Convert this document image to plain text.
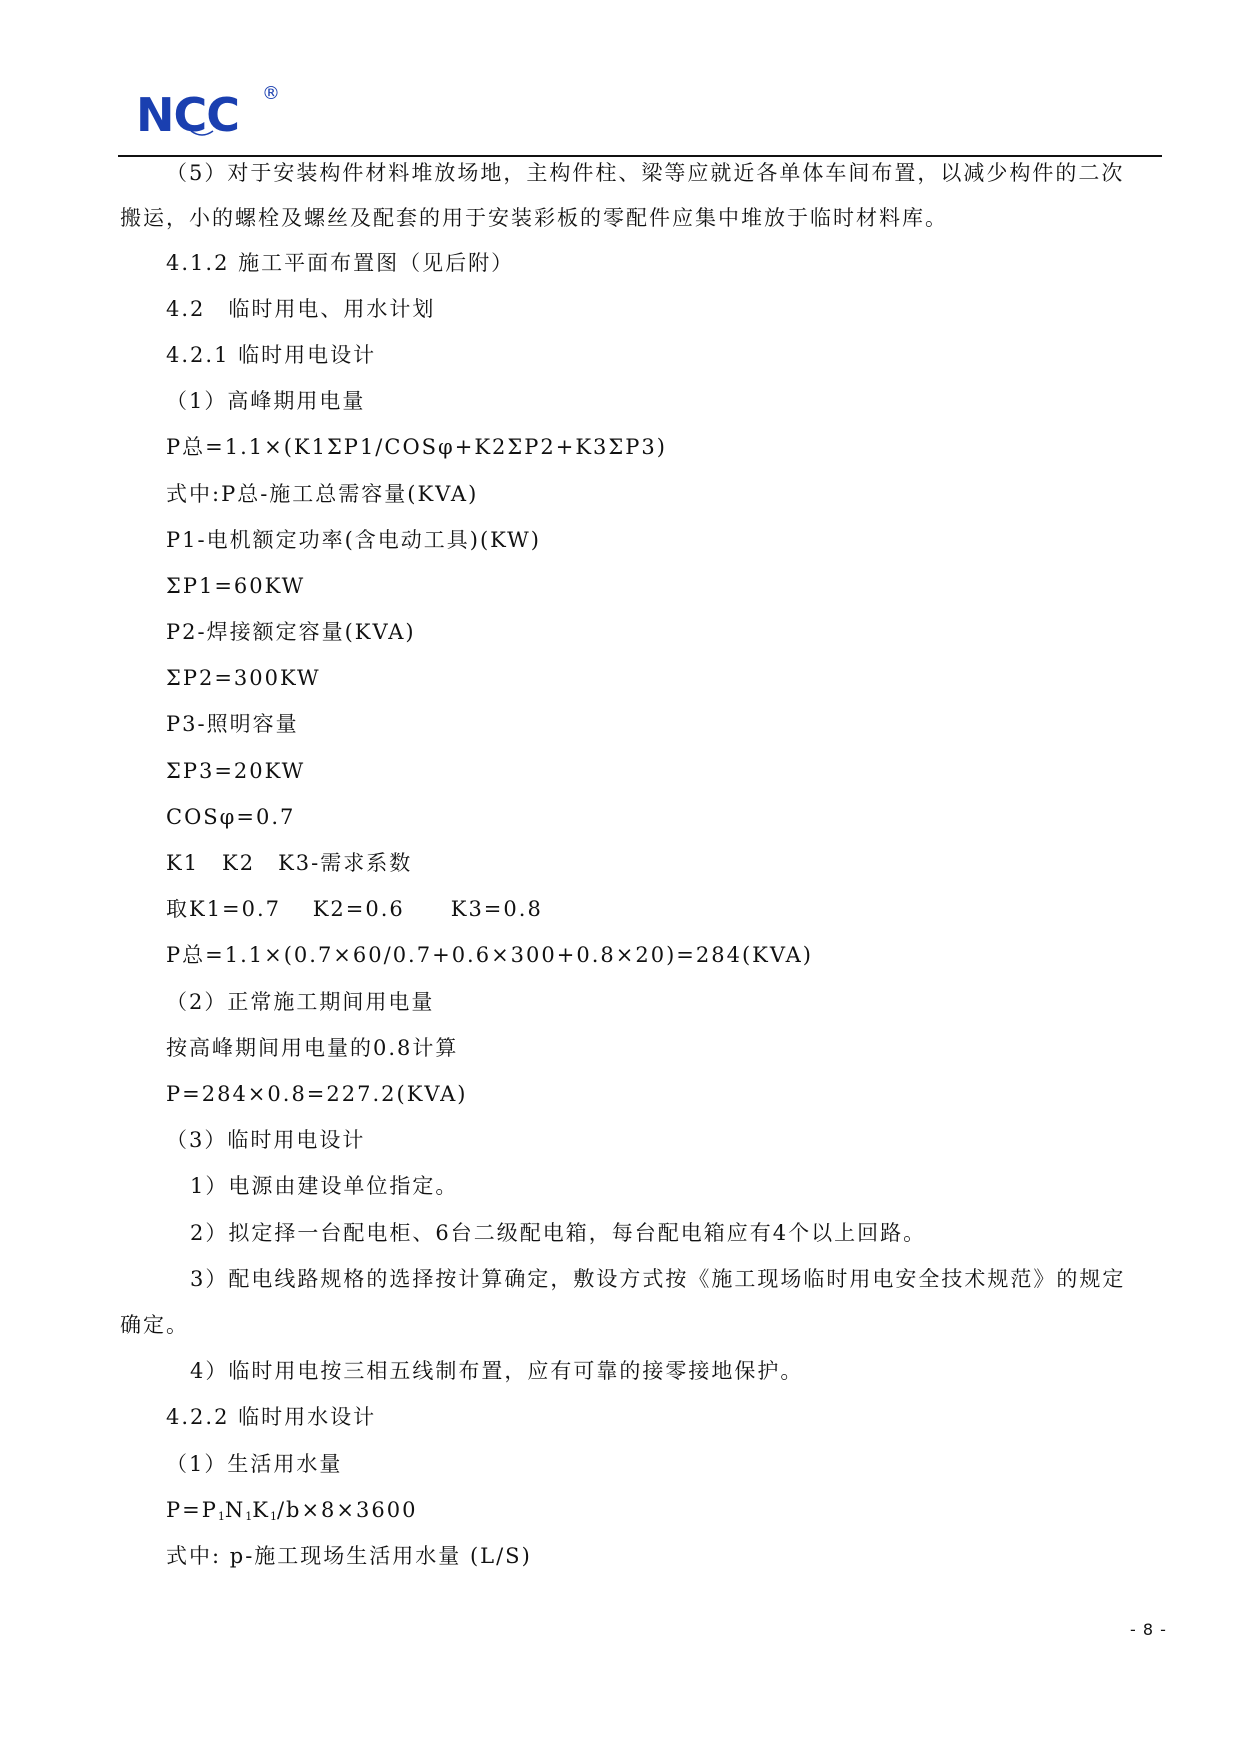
NCC ®
（5）对于安装构件材料堆放场地，主构件柱、梁等应就近各单体车间布置，以减少构件的二次
搬运，小的螺栓及螺丝及配套的用于安装彩板的零配件应集中堆放于临时材料库。
4.1.2 施工平面布置图（见后附）
4.2　临时用电、用水计划
4.2.1 临时用电设计
（1）高峰期用电量
P总=1.1×(K1ΣP1/COSφ+K2ΣP2+K3ΣP3)
式中:P总-施工总需容量(KVA)
P1-电机额定功率(含电动工具)(KW)
ΣP1=60KW
P2-焊接额定容量(KVA)
ΣP2=300KW
P3-照明容量
ΣP3=20KW
COSφ=0.7
K1　K2　K3-需求系数
取K1=0.7　 K2=0.6　　K3=0.8
P总=1.1×(0.7×60/0.7+0.6×300+0.8×20)=284(KVA)
（2）正常施工期间用电量
按高峰期间用电量的0.8计算
P=284×0.8=227.2(KVA)
（3）临时用电设计
1）电源由建设单位指定。
2）拟定择一台配电柜、6台二级配电箱，每台配电箱应有4个以上回路。
3）配电线路规格的选择按计算确定，敷设方式按《施工现场临时用电安全技术规范》的规定
确定。
4）临时用电按三相五线制布置，应有可靠的接零接地保护。
4.2.2 临时用水设计
（1）生活用水量
$P=P_1N_1K_1/b\times 8\times 3600$
式中: p-施工现场生活用水量 (L/S)
- 8 -
